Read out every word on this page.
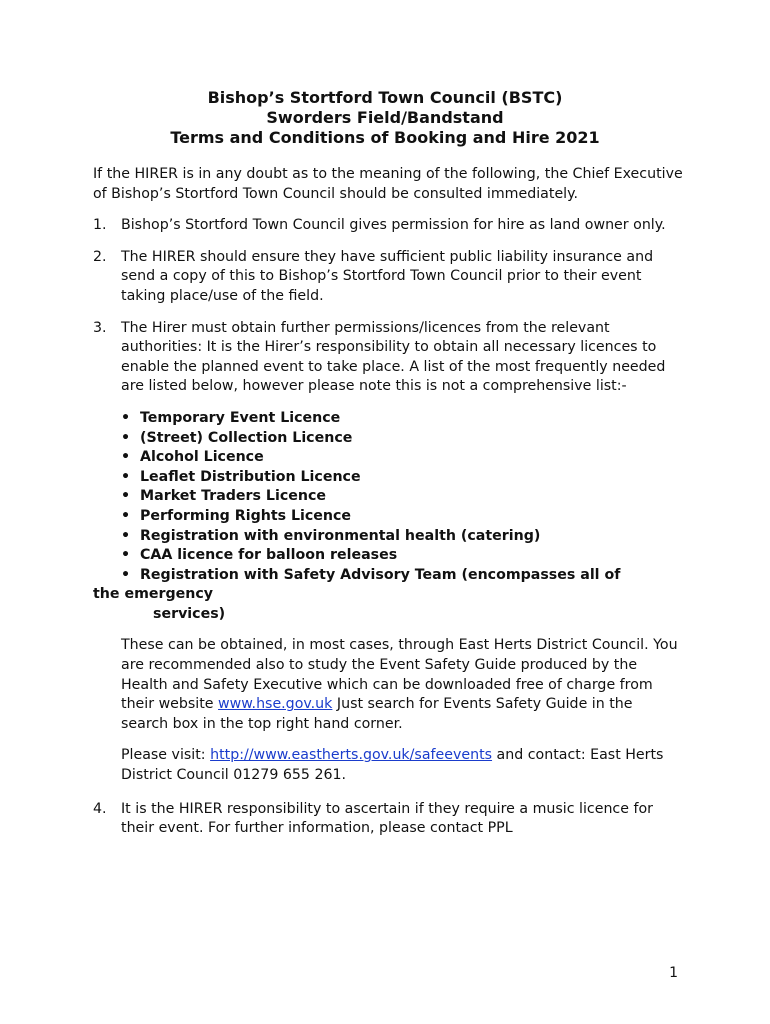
Bishop’s Stortford Town Council (BSTC)
Sworders Field/Bandstand
Terms and Conditions of Booking and Hire 2021

If the HIRER is in any doubt as to the meaning of the following, the Chief Executive of Bishop’s Stortford Town Council should be consulted immediately.

1. Bishop’s Stortford Town Council gives permission for hire as land owner only.
2. The HIRER should ensure they have sufficient public liability insurance and send a copy of this to Bishop’s Stortford Town Council prior to their event taking place/use of the field.
3. The Hirer must obtain further permissions/licences from the relevant authorities: It is the Hirer’s responsibility to obtain all necessary licences to enable the planned event to take place. A list of the most frequently needed are listed below, however please note this is not a comprehensive list:-
• Temporary Event Licence
• (Street) Collection Licence
• Alcohol Licence
• Leaflet Distribution Licence
• Market Traders Licence
• Performing Rights Licence
• Registration with environmental health (catering)
• CAA licence for balloon releases
• Registration with Safety Advisory Team (encompasses all of
the emergency
services)

These can be obtained, in most cases, through East Herts District Council. You are recommended also to study the Event Safety Guide produced by the Health and Safety Executive which can be downloaded free of charge from their website www.hse.gov.uk Just search for Events Safety Guide in the search box in the top right hand corner.

Please visit: http://www.eastherts.gov.uk/safeevents and contact: East Herts District Council 01279 655 261.

4. It is the HIRER responsibility to ascertain if they require a music licence for their event. For further information, please contact PPL
1
